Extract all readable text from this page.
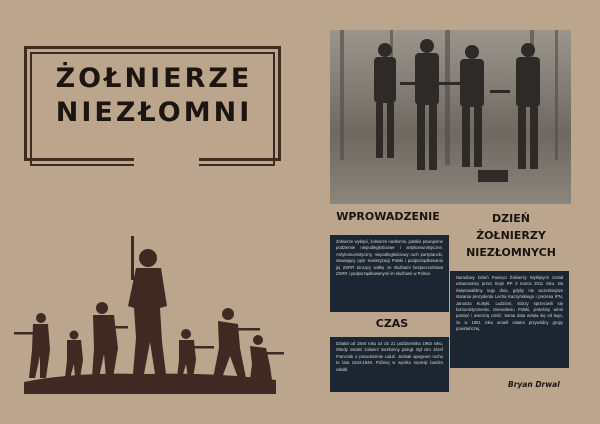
ŻOŁNIERZE
NIEZŁOMNI
WPROWADZENIE
CZAS
DZIEŃ
ŻOŁNIERZY
NIEZŁOMNYCH
Żołnierze wyklęci, żołnierze niezłomni, polskie powojenne podziemie niepodległościowe i antykomunistyczne. Antykomunistyczny, niepodległościowy ruch partyzancki, stawiający opór sowietyzacji Polski i podporządkowaniu jej ZSRR toczący walkę ze służbami bezpieczeństwa ZSRR i podporządkowanymi im służbami w Polsce.
Działał od 1944 roku aż do 21 października 1963 roku. Wtedy ostatni żołnierz niezłomny poległ. Był nim Józef Franczak o pseudonimie Laluś. Jednak apogeum ruchu to lata 1944-1949. Później w wyniku represji bardzo osłabł.
Narodowy Dzień Pamięci Żołnierzy Wyklętych został ustanowiony przez Sejm RP 3 marca 2011 roku. Na świętowaliśmy tego dnia, gdyby nie wcześniejsze starania prezydenta Lecha Kaczyńskiego i prezesa IPN, Janusza Kurtyki. Ludziom, którzy sprzeciwili się komunistycznemu zniewoleniu Polski, jesteśmy winni pamięć i wieczną cześć. Sama data wzięła się od tego, że w 1951 roku umarli ostatni przywódcy grupy powstańczej.
Bryan Drwal
